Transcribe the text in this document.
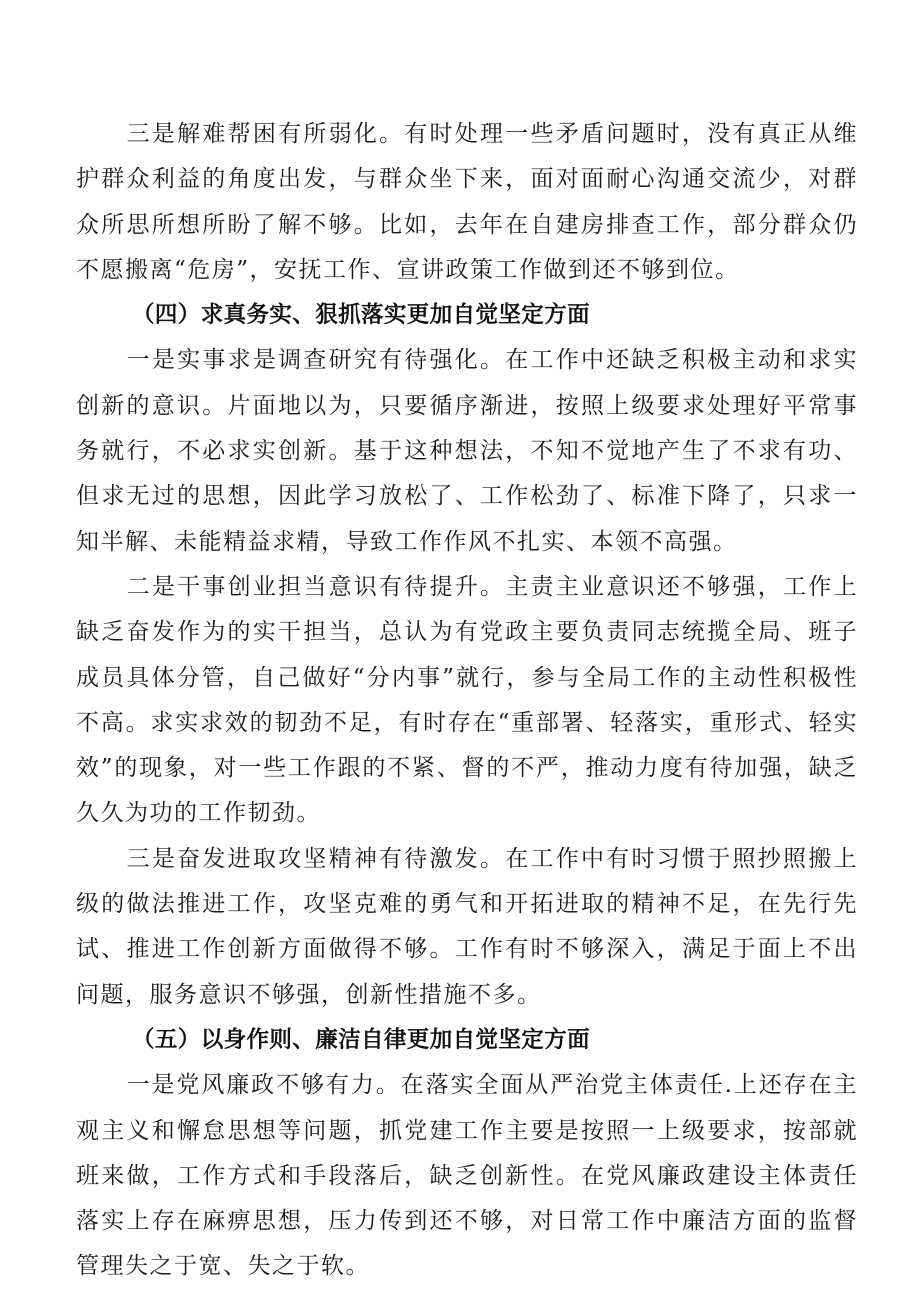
三是解难帮困有所弱化。有时处理一些矛盾问题时，没有真正从维护群众利益的角度出发，与群众坐下来，面对面耐心沟通交流少，对群众所思所想所盼了解不够。比如，去年在自建房排查工作，部分群众仍不愿搬离“危房”，安抚工作、宣讲政策工作做到还不够到位。

（四）求真务实、狠抓落实更加自觉坚定方面

一是实事求是调查研究有待强化。在工作中还缺乏积极主动和求实创新的意识。片面地以为，只要循序渐进，按照上级要求处理好平常事务就行，不必求实创新。基于这种想法，不知不觉地产生了不求有功、但求无过的思想，因此学习放松了、工作松劲了、标准下降了，只求一知半解、未能精益求精，导致工作作风不扎实、本领不高强。

二是干事创业担当意识有待提升。主责主业意识还不够强，工作上缺乏奋发作为的实干担当，总认为有党政主要负责同志统揽全局、班子成员具体分管，自己做好“分内事”就行，参与全局工作的主动性积极性不高。求实求效的韧劲不足，有时存在“重部署、轻落实，重形式、轻实效”的现象，对一些工作跟的不紧、督的不严，推动力度有待加强，缺乏久久为功的工作韧劲。

三是奋发进取攻坚精神有待激发。在工作中有时习惯于照抄照搬上级的做法推进工作，攻坚克难的勇气和开拓进取的精神不足，在先行先试、推进工作创新方面做得不够。工作有时不够深入，满足于面上不出问题，服务意识不够强，创新性措施不多。

（五）以身作则、廉洁自律更加自觉坚定方面

一是党风廉政不够有力。在落实全面从严治党主体责任.上还存在主观主义和懈怠思想等问题，抓党建工作主要是按照一上级要求，按部就班来做，工作方式和手段落后，缺乏创新性。在党风廉政建设主体责任落实上存在麻痹思想，压力传到还不够，对日常工作中廉洁方面的监督管理失之于宽、失之于软。
